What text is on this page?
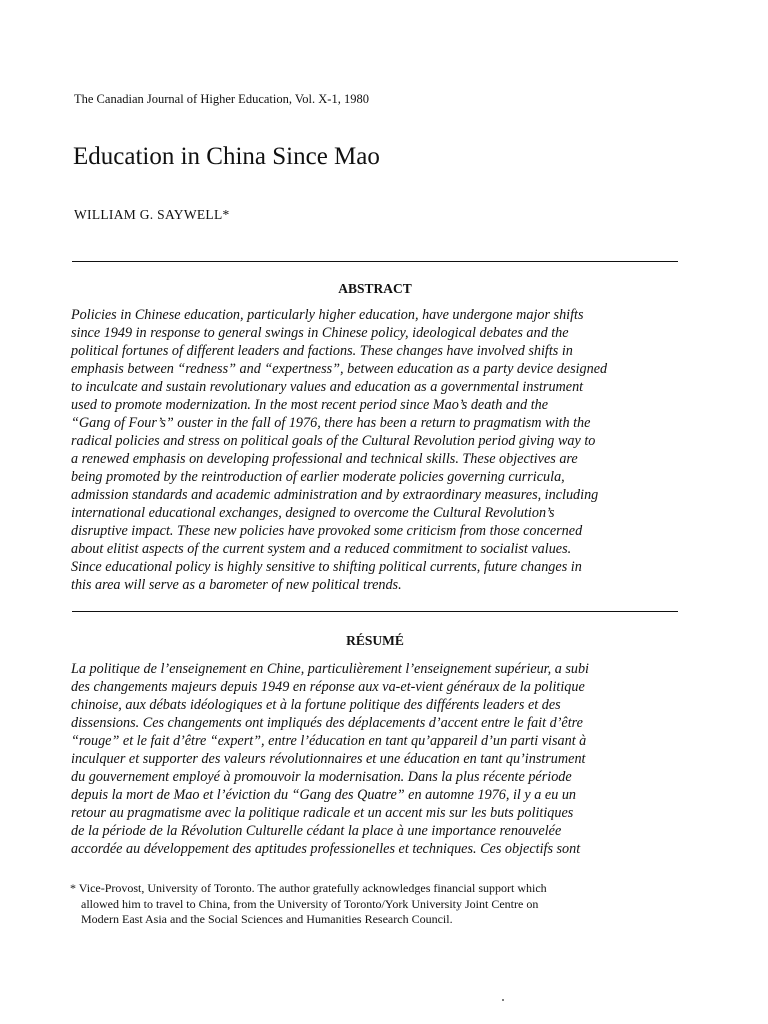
The Canadian Journal of Higher Education, Vol. X-1, 1980
Education in China Since Mao
WILLIAM G. SAYWELL*
ABSTRACT
Policies in Chinese education, particularly higher education, have undergone major shifts
since 1949 in response to general swings in Chinese policy, ideological debates and the
political fortunes of different leaders and factions. These changes have involved shifts in
emphasis between “redness” and “expertness”, between education as a party device designed
to inculcate and sustain revolutionary values and education as a governmental instrument
used to promote modernization. In the most recent period since Mao’s death and the
“Gang of Four’s” ouster in the fall of 1976, there has been a return to pragmatism with the
radical policies and stress on political goals of the Cultural Revolution period giving way to
a renewed emphasis on developing professional and technical skills. These objectives are
being promoted by the reintroduction of earlier moderate policies governing curricula,
admission standards and academic administration and by extraordinary measures, including
international educational exchanges, designed to overcome the Cultural Revolution’s
disruptive impact. These new policies have provoked some criticism from those concerned
about elitist aspects of the current system and a reduced commitment to socialist values.
Since educational policy is highly sensitive to shifting political currents, future changes in
this area will serve as a barometer of new political trends.
RÉSUMÉ
La politique de l’enseignement en Chine, particulièrement l’enseignement supérieur, a subi
des changements majeurs depuis 1949 en réponse aux va-et-vient généraux de la politique
chinoise, aux débats idéologiques et à la fortune politique des différents leaders et des
dissensions. Ces changements ont impliqués des déplacements d’accent entre le fait d’être
“rouge” et le fait d’être “expert”, entre l’éducation en tant qu’appareil d’un parti visant à
inculquer et supporter des valeurs révolutionnaires et une éducation en tant qu’instrument
du gouvernement employé à promouvoir la modernisation. Dans la plus récente période
depuis la mort de Mao et l’éviction du “Gang des Quatre” en automne 1976, il y a eu un
retour au pragmatisme avec la politique radicale et un accent mis sur les buts politiques
de la période de la Révolution Culturelle cédant la place à une importance renouvelée
accordée au développement des aptitudes professionelles et techniques. Ces objectifs sont
* Vice-Provost, University of Toronto. The author gratefully acknowledges financial support which
allowed him to travel to China, from the University of Toronto/York University Joint Centre on
Modern East Asia and the Social Sciences and Humanities Research Council.
